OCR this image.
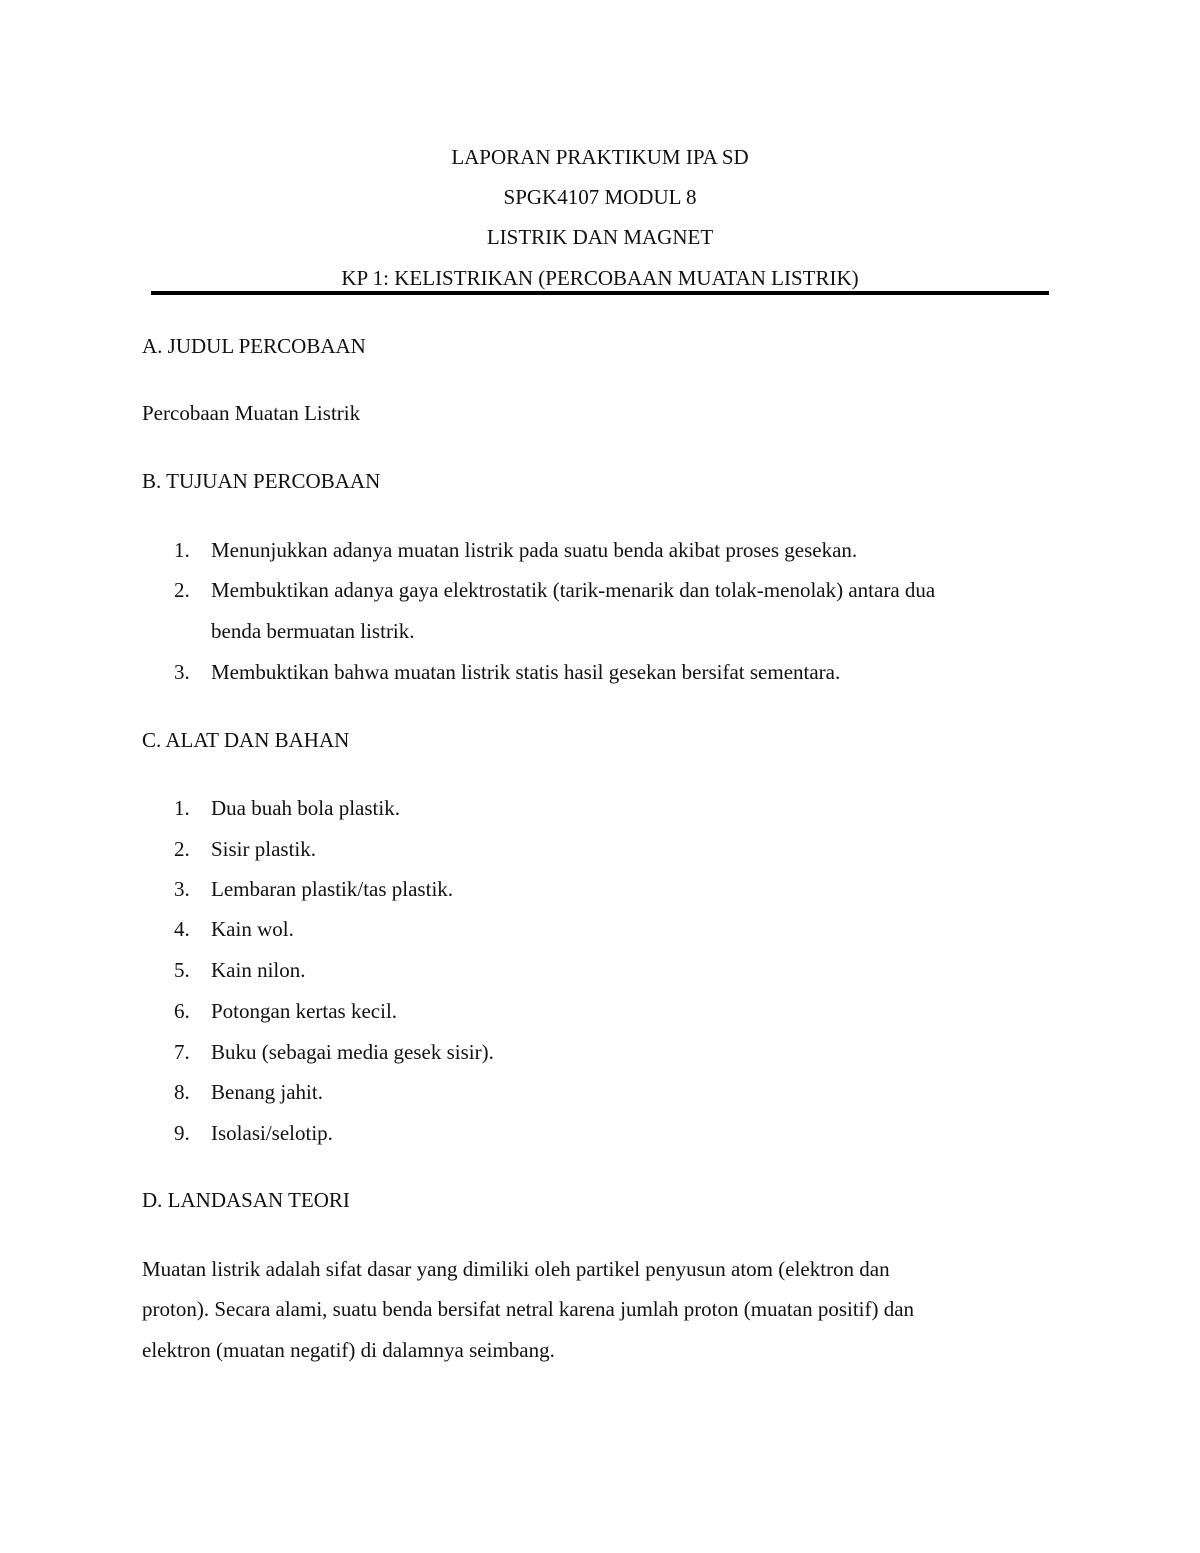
LAPORAN PRAKTIKUM IPA SD
SPGK4107 MODUL 8
LISTRIK DAN MAGNET
KP 1: KELISTRIKAN (PERCOBAAN MUATAN LISTRIK)
A. JUDUL PERCOBAAN
Percobaan Muatan Listrik
B. TUJUAN PERCOBAAN
1. Menunjukkan adanya muatan listrik pada suatu benda akibat proses gesekan.
2. Membuktikan adanya gaya elektrostatik (tarik-menarik dan tolak-menolak) antara dua
benda bermuatan listrik.
3. Membuktikan bahwa muatan listrik statis hasil gesekan bersifat sementara.
C. ALAT DAN BAHAN
1. Dua buah bola plastik.
2. Sisir plastik.
3. Lembaran plastik/tas plastik.
4. Kain wol.
5. Kain nilon.
6. Potongan kertas kecil.
7. Buku (sebagai media gesek sisir).
8. Benang jahit.
9. Isolasi/selotip.
D. LANDASAN TEORI
Muatan listrik adalah sifat dasar yang dimiliki oleh partikel penyusun atom (elektron dan
proton). Secara alami, suatu benda bersifat netral karena jumlah proton (muatan positif) dan
elektron (muatan negatif) di dalamnya seimbang.
